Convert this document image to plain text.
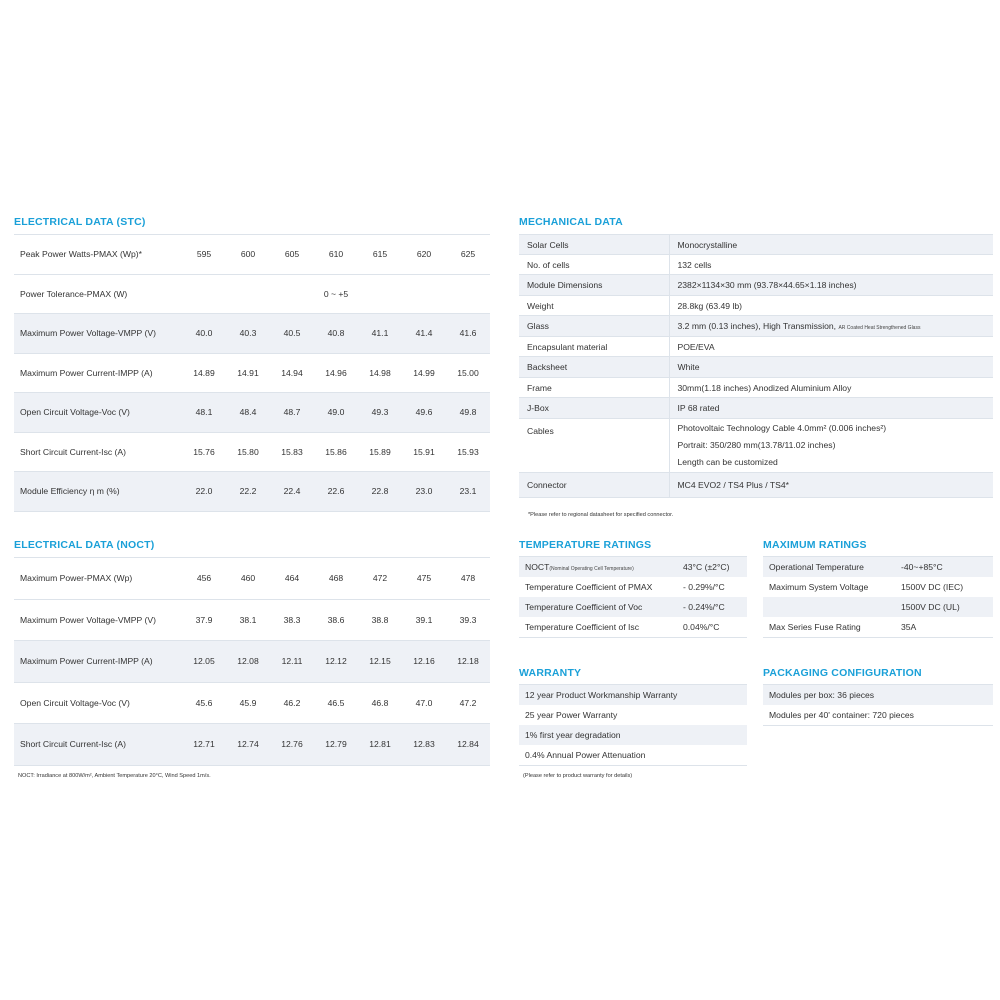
ELECTRICAL DATA (STC)
Peak Power Watts-PMAX (Wp)*	595	600	605	610	615	620	625
Power Tolerance-PMAX (W)	0 ~ +5						
Maximum Power Voltage-VMPP (V)	40.0	40.3	40.5	40.8	41.1	41.4	41.6
Maximum Power Current-IMPP (A)	14.89	14.91	14.94	14.96	14.98	14.99	15.00
Open Circuit Voltage-Voc (V)	48.1	48.4	48.7	49.0	49.3	49.6	49.8
Short Circuit Current-Isc (A)	15.76	15.80	15.83	15.86	15.89	15.91	15.93
Module Efficiency η m (%)	22.0	22.2	22.4	22.6	22.8	23.0	23.1
ELECTRICAL DATA (NOCT)
Maximum Power-PMAX (Wp)	456	460	464	468	472	475	478
Maximum Power Voltage-VMPP (V)	37.9	38.1	38.3	38.6	38.8	39.1	39.3
Maximum Power Current-IMPP (A)	12.05	12.08	12.11	12.12	12.15	12.16	12.18
Open Circuit Voltage-Voc (V)	45.6	45.9	46.2	46.5	46.8	47.0	47.2
Short Circuit Current-Isc (A)	12.71	12.74	12.76	12.79	12.81	12.83	12.84

NOCT: Irradiance at 800W/m², Ambient Temperature 20°C, Wind Speed 1m/s.

MECHANICAL DATA
Solar Cells	Monocrystalline
No. of cells	132 cells
Module Dimensions	2382×1134×30 mm (93.78×44.65×1.18 inches)
Weight	28.8kg (63.49 lb)
Glass	3.2 mm (0.13 inches), High Transmission, AR Coated Heat Strengthened Glass
Encapsulant material	POE/EVA
Backsheet	White
Frame	30mm(1.18 inches) Anodized Aluminium Alloy
J-Box	IP 68 rated
Cables	Photovoltaic Technology Cable 4.0mm² (0.006 inches²)
Portrait: 350/280 mm(13.78/11.02 inches)
Length can be customized

Connector	MC4 EVO2 / TS4 Plus / TS4*

*Please refer to regional datasheet for specified connector.

TEMPERATURE RATINGS
NOCT(Nominal Operating Cell Temperature)	43°C (±2°C)
Temperature Coefficient of PMAX	- 0.29%/°C
Temperature Coefficient of Voc	- 0.24%/°C
Temperature Coefficient of Isc	0.04%/°C
MAXIMUM RATINGS
Operational Temperature	-40~+85°C
Maximum System Voltage	1500V DC (IEC)
	1500V DC (UL)
Max Series Fuse Rating	35A
WARRANTY
12 year Product Workmanship Warranty
25 year Power Warranty
1% first year degradation
0.4% Annual Power Attenuation

(Please refer to product warranty for details)

PACKAGING CONFIGURATION
Modules per box: 36 pieces
Modules per 40' container: 720 pieces
